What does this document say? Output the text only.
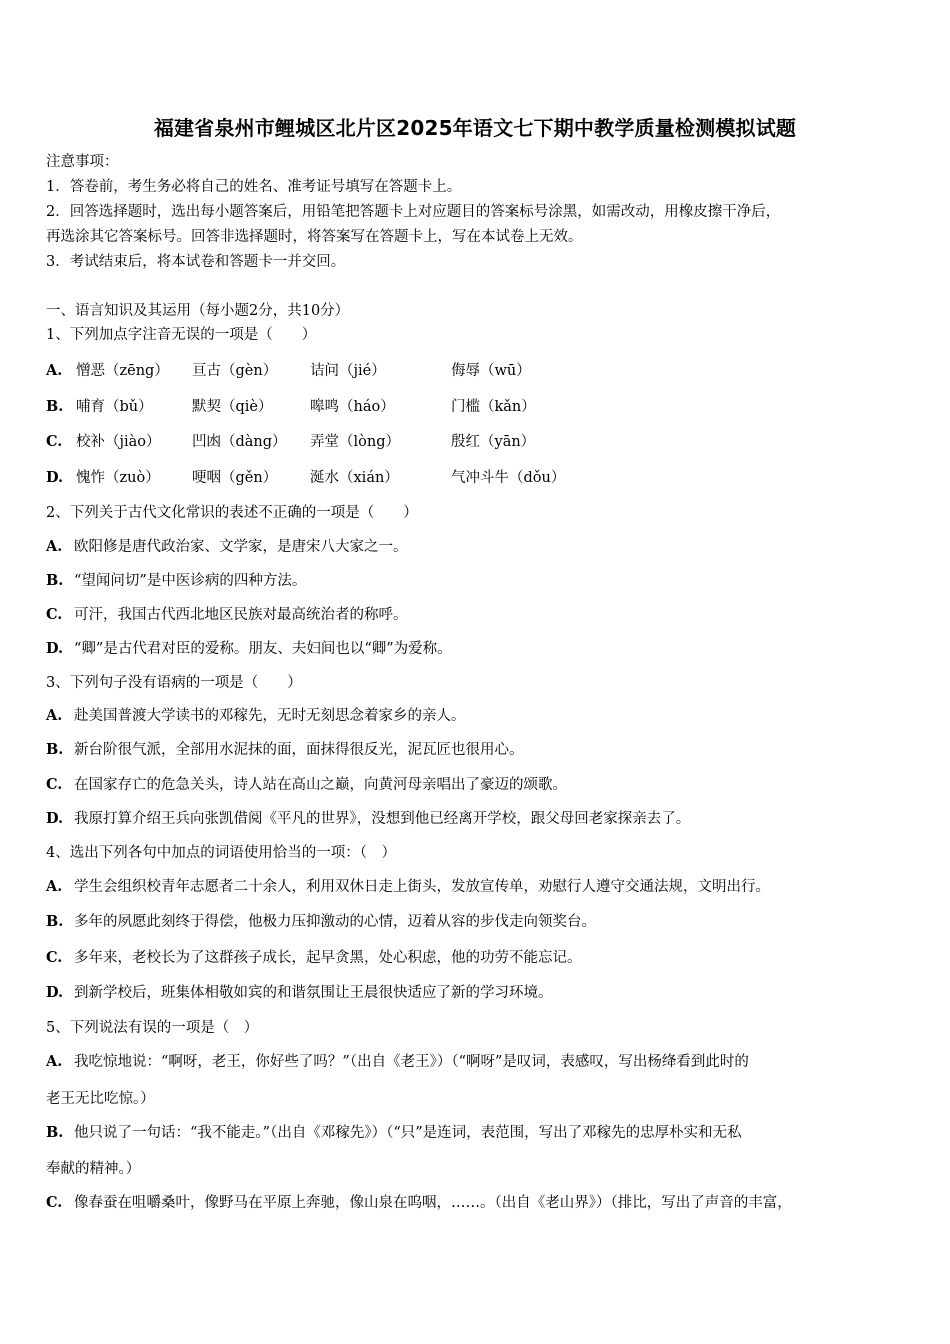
福建省泉州市鲤城区北片区2025年语文七下期中教学质量检测模拟试题
注意事项：
1．答卷前，考生务必将自己的姓名、准考证号填写在答题卡上。
2．回答选择题时，选出每小题答案后，用铅笔把答题卡上对应题目的答案标号涂黑，如需改动，用橡皮擦干净后，
再选涂其它答案标号。回答非选择题时，将答案写在答题卡上，写在本试卷上无效。
3．考试结束后，将本试卷和答题卡一并交回。
一、语言知识及其运用（每小题2分，共10分）
1、下列加点字注音无误的一项是（　　）
A. 憎恶（zēng） 亘古（gèn） 诘问（jié）	侮辱（wū）
B. 哺育（bǔ）	默契（qiè）	嗥鸣（háo）	门槛（kǎn）
C. 校补（jiào） 凹凼（dàng） 弄堂（lòng）	殷红（yān）
D. 愧怍（zuò） 哽咽（gěn） 涎水（xián）	气冲斗牛（dǒu）
2、下列关于古代文化常识的表述不正确的一项是（　　）
A. 欧阳修是唐代政治家、文学家，是唐宋八大家之一。
B. “望闻问切”是中医诊病的四种方法。
C. 可汗，我国古代西北地区民族对最高统治者的称呼。
D. “卿”是古代君对臣的爱称。朋友、夫妇间也以“卿”为爱称。
3、下列句子没有语病的一项是（　　）
A. 赴美国普渡大学读书的邓稼先，无时无刻思念着家乡的亲人。
B. 新台阶很气派，全部用水泥抹的面，面抹得很反光，泥瓦匠也很用心。
C. 在国家存亡的危急关头，诗人站在高山之巅，向黄河母亲唱出了豪迈的颂歌。
D. 我原打算介绍王兵向张凯借阅《平凡的世界》，没想到他已经离开学校，跟父母回老家探亲去了。
4、选出下列各句中加点的词语使用恰当的一项：（　）
A. 学生会组织校青年志愿者二十余人，利用双休日走上街头，发放宣传单，劝慰行人遵守交通法规，文明出行。
B. 多年的夙愿此刻终于得偿，他极力压抑激动的心情，迈着从容的步伐走向领奖台。
C. 多年来，老校长为了这群孩子成长，起早贪黑，处心积虑，他的功劳不能忘记。
D. 到新学校后，班集体相敬如宾的和谐氛围让王晨很快适应了新的学习环境。
5、下列说法有误的一项是（　）
A. 我吃惊地说：“啊呀，老王，你好些了吗？”（出自《老王》）（“啊呀”是叹词，表感叹，写出杨绛看到此时的
老王无比吃惊。）
B. 他只说了一句话：“我不能走。”（出自《邓稼先》）（“只”是连词，表范围，写出了邓稼先的忠厚朴实和无私
奉献的精神。）
C. 像春蚕在咀嚼桑叶，像野马在平原上奔驰，像山泉在呜咽，……。（出自《老山界》）（排比，写出了声音的丰富，
